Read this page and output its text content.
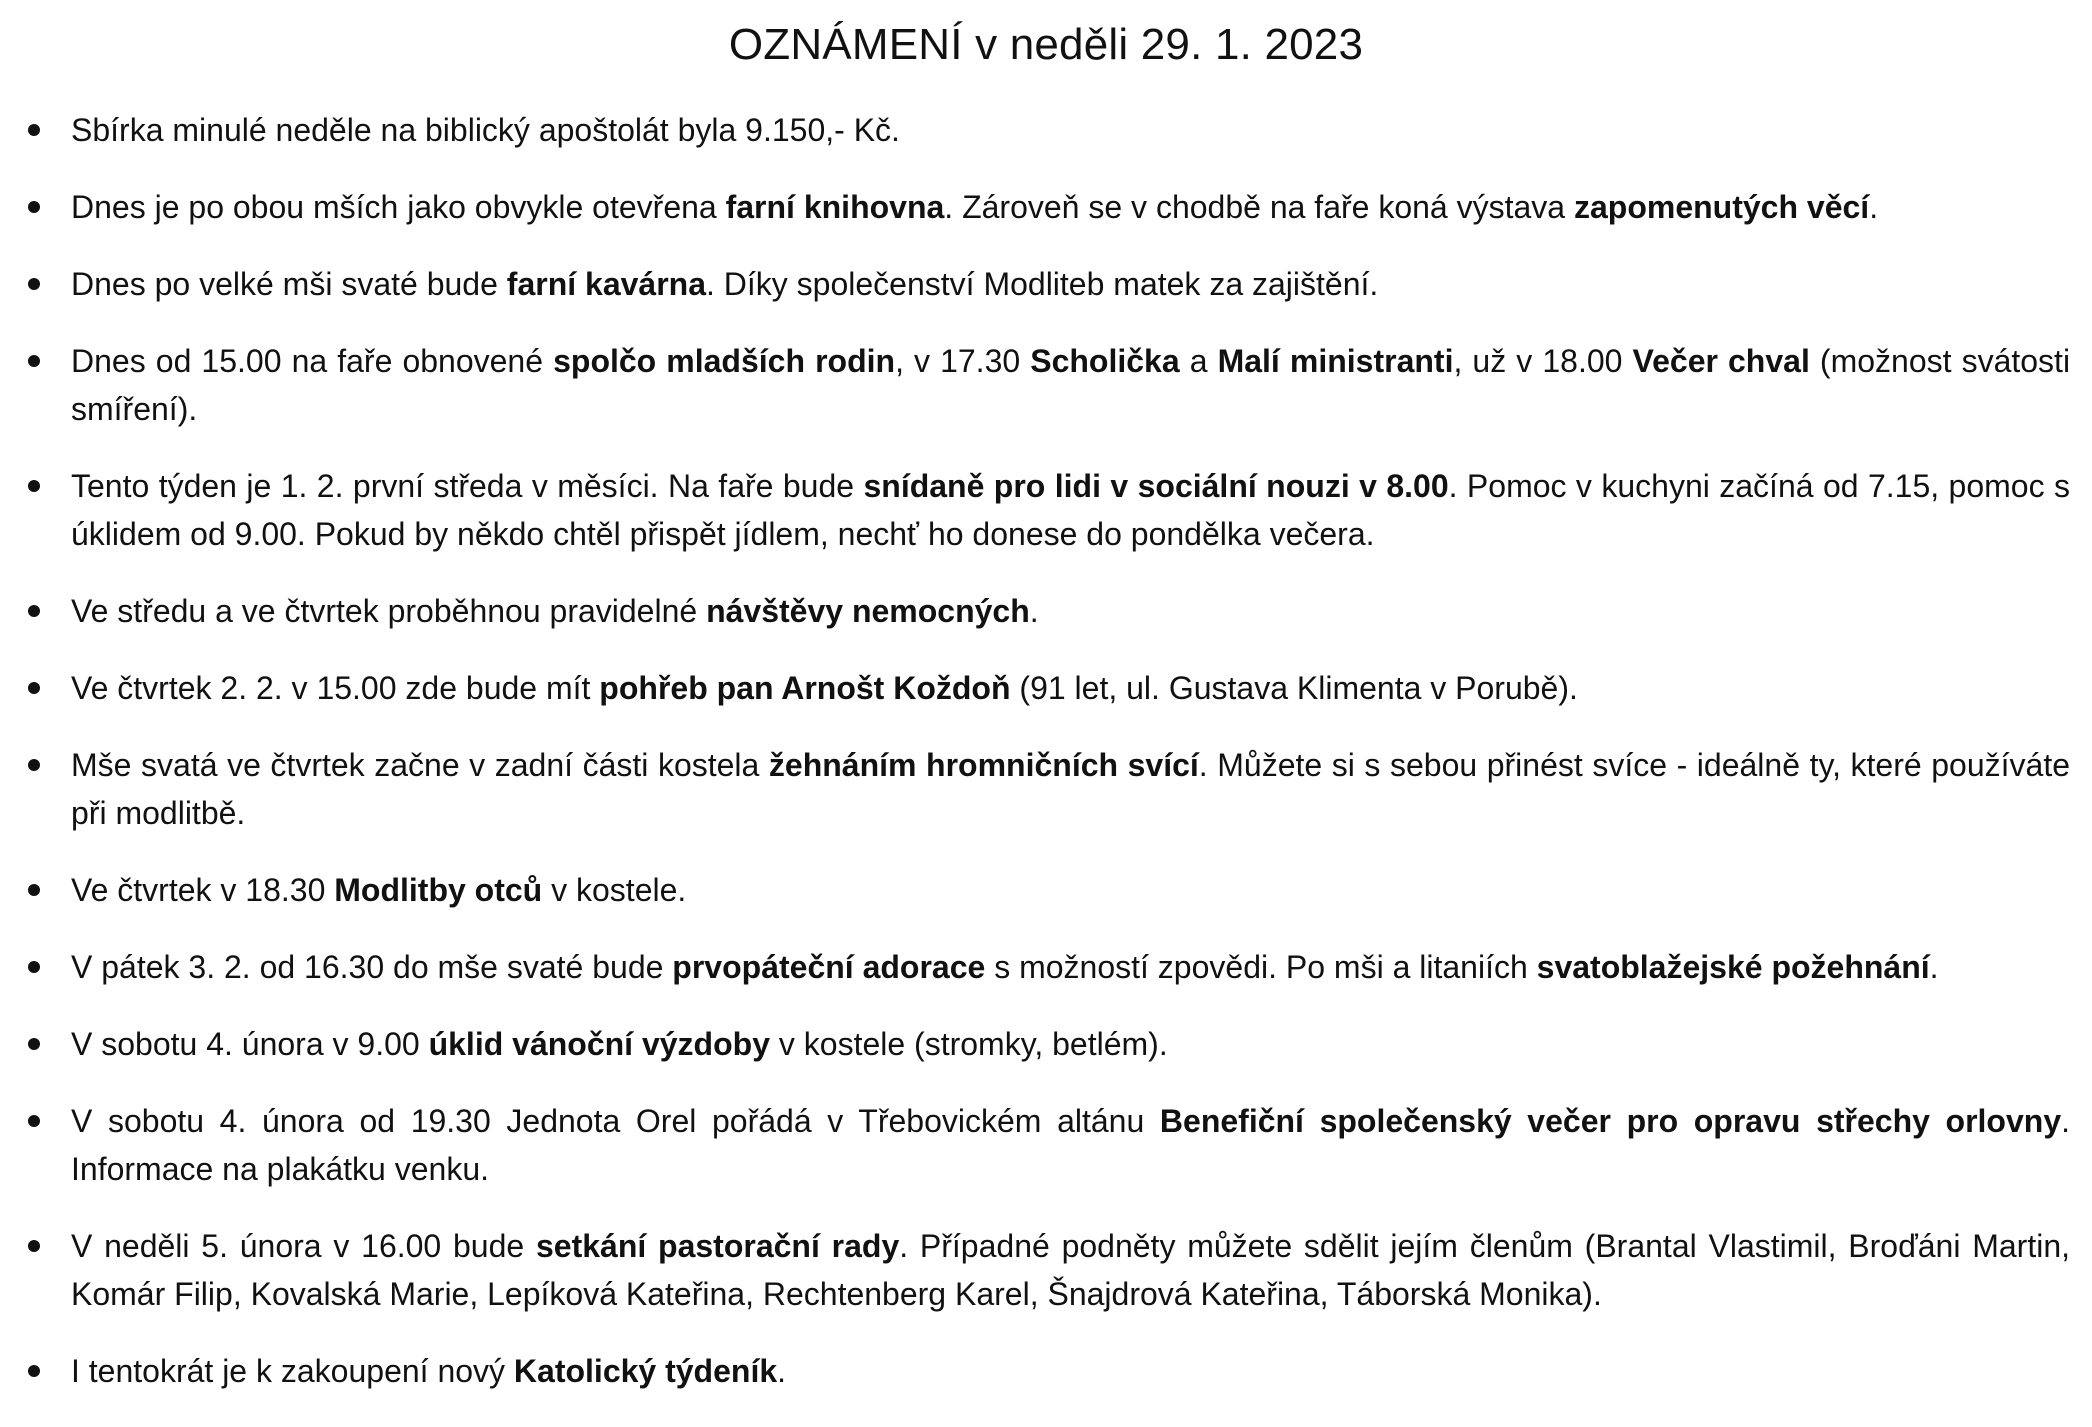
OZNÁMENÍ v neděli 29. 1. 2023
Sbírka minulé neděle na biblický apoštolát byla 9.150,- Kč.
Dnes je po obou mších jako obvykle otevřena farní knihovna. Zároveň se v chodbě na faře koná výstava zapomenutých věcí.
Dnes po velké mši svaté bude farní kavárna. Díky společenství Modliteb matek za zajištění.
Dnes od 15.00 na faře obnovené spolčo mladších rodin, v 17.30 Scholička a Malí ministranti, už v 18.00 Večer chval (možnost svátosti smíření).
Tento týden je 1. 2. první středa v měsíci. Na faře bude snídaně pro lidi v sociální nouzi v 8.00. Pomoc v kuchyni začíná od 7.15, pomoc s úklidem od 9.00. Pokud by někdo chtěl přispět jídlem, nechť ho donese do pondělka večera.
Ve středu a ve čtvrtek proběhnou pravidelné návštěvy nemocných.
Ve čtvrtek 2. 2. v 15.00 zde bude mít pohřeb pan Arnošt Koždoň (91 let, ul. Gustava Klimenta v Porubě).
Mše svatá ve čtvrtek začne v zadní části kostela žehnáním hromničních svící. Můžete si s sebou přinést svíce - ideálně ty, které používáte při modlitbě.
Ve čtvrtek v 18.30 Modlitby otců v kostele.
V pátek 3. 2. od 16.30 do mše svaté bude prvopáteční adorace s možností zpovědi. Po mši a litaniích svatoblažejské požehnání.
V sobotu 4. února v 9.00 úklid vánoční výzdoby v kostele (stromky, betlém).
V sobotu 4. února od 19.30 Jednota Orel pořádá v Třebovickém altánu Benefiční společenský večer pro opravu střechy orlovny. Informace na plakátku venku.
V neděli 5. února v 16.00 bude setkání pastorační rady. Případné podněty můžete sdělit jejím členům (Brantal Vlastimil, Broďáni Martin, Komár Filip, Kovalská Marie, Lepíková Kateřina, Rechtenberg Karel, Šnajdrová Kateřina, Táborská Monika).
I tentokrát je k zakoupení nový Katolický týdeník.
